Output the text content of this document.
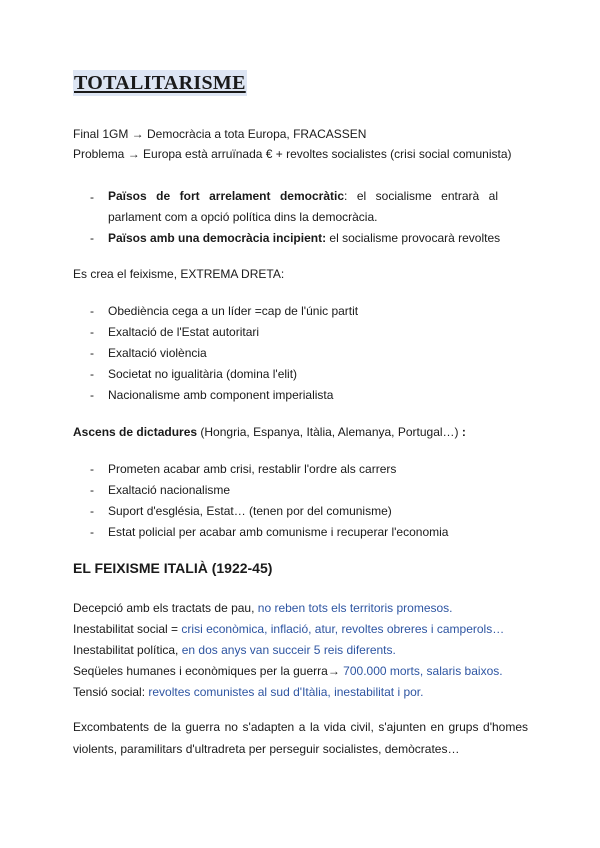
TOTALITARISME
Final 1GM → Democràcia a tota Europa, FRACASSEN
Problema → Europa està arruïnada € + revoltes socialistes (crisi social comunista)
- Països de fort arrelament democràtic: el socialisme entrarà al parlament com a opció política dins la democràcia.
- Països amb una democràcia incipient: el socialisme provocarà revoltes
Es crea el feixisme, EXTREMA DRETA:
- Obediència cega a un líder =cap de l'únic partit
- Exaltació de l'Estat autoritari
- Exaltació violència
- Societat no igualitària (domina l'elit)
- Nacionalisme amb component imperialista
Ascens de dictadures (Hongria, Espanya, Itàlia, Alemanya, Portugal…) :
- Prometen acabar amb crisi, restablir l'ordre als carrers
- Exaltació nacionalisme
- Suport d'església, Estat… (tenen por del comunisme)
- Estat policial per acabar amb comunisme i recuperar l'economia
EL FEIXISME ITALIÀ (1922-45)
Decepció amb els tractats de pau, no reben tots els territoris promesos.
Inestabilitat social = crisi econòmica, inflació, atur, revoltes obreres i camperols…
Inestabilitat política, en dos anys van succeir 5 reis diferents.
Seqüeles humanes i econòmiques per la guerra→ 700.000 morts, salaris baixos.
Tensió social: revoltes comunistes al sud d'Itàlia, inestabilitat i por.
Excombatents de la guerra no s'adapten a la vida civil, s'ajunten en grups d'homes violents, paramilitars d'ultradreta per perseguir socialistes, demòcrates…
